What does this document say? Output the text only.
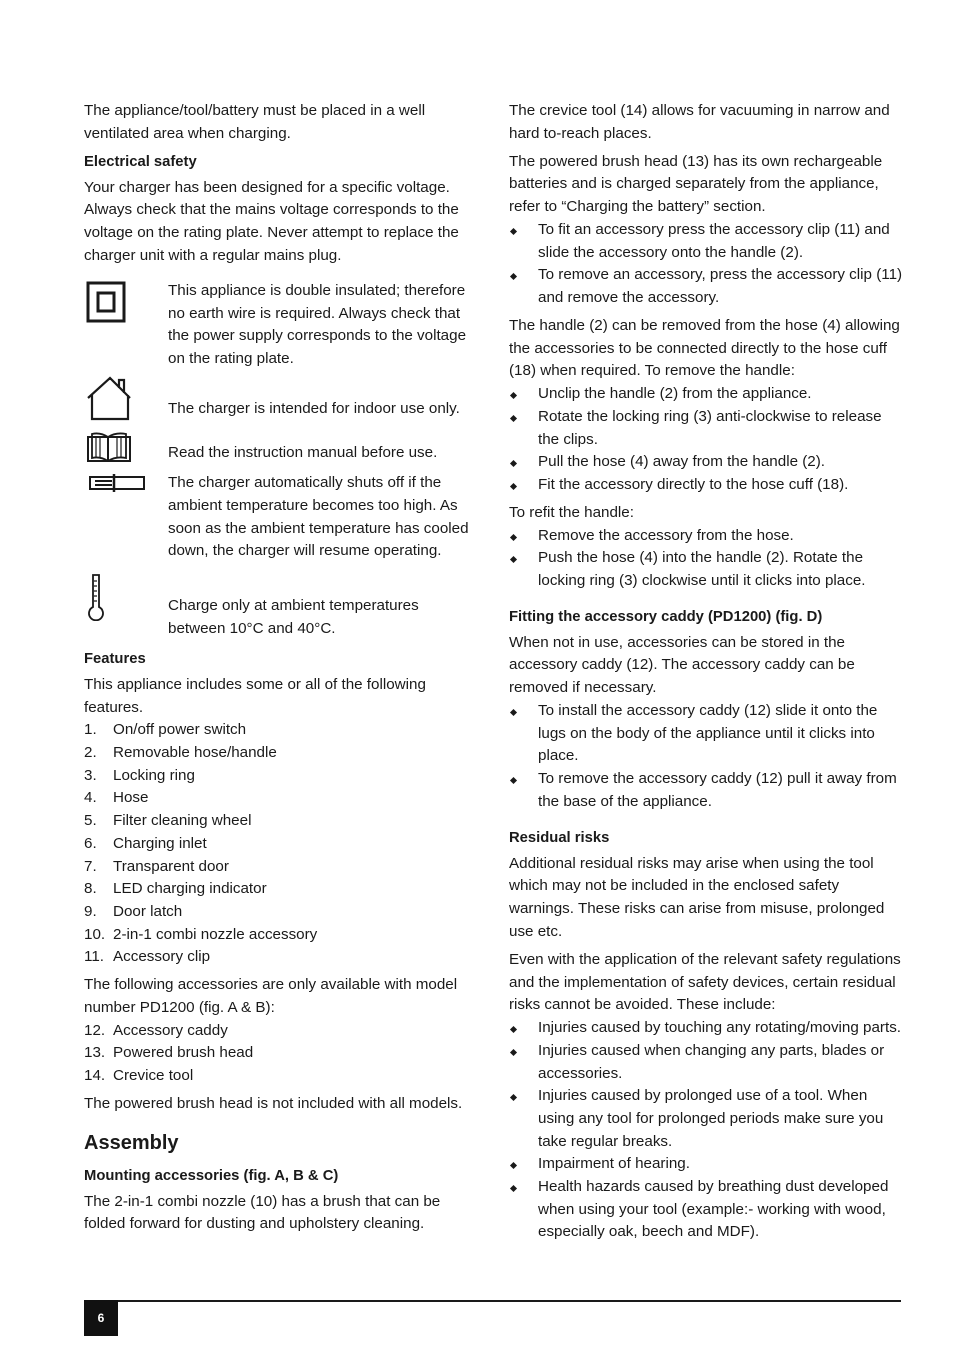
The appliance/tool/battery must be placed in a well ventilated area when charging.

Electrical safety

Your charger has been designed for a specific voltage. Always check that the mains voltage corresponds to the voltage on the rating plate. Never attempt to replace the charger unit with a regular mains plug.

This appliance is double insulated; therefore no earth wire is required. Always check that the power supply corresponds to the voltage on the rating plate.
The charger is intended for indoor use only.
Read the instruction manual before use.
The charger automatically shuts off if the ambient temperature becomes too high. As soon as the ambient temperature has cooled down, the charger will resume operating.
Charge only at ambient temperatures between 10°C and 40°C.
Features

This appliance includes some or all of the following features.

1. On/off power switch
2. Removable hose/handle
3. Locking ring
4. Hose
5. Filter cleaning wheel
6. Charging inlet
7. Transparent door
8. LED charging indicator
9. Door latch
10. 2-in-1 combi nozzle accessory
11. Accessory clip

The following accessories are only available with model number PD1200 (fig. A & B):

12. Accessory caddy
13. Powered brush head
14. Crevice tool

The powered brush head is not included with all models.

Assembly
Mounting accessories (fig. A, B & C)

The 2-in-1 combi nozzle (10) has a brush that can be folded forward for dusting and upholstery cleaning.

The crevice tool (14) allows for vacuuming in narrow and hard to-reach places.

The powered brush head (13) has its own rechargeable batteries and is charged separately from the appliance, refer to “Charging the battery” section.

To fit an accessory press the accessory clip (11) and slide the accessory onto the handle (2).
To remove an accessory, press the accessory clip (11) and remove the accessory.

The handle (2) can be removed from the hose (4) allowing the accessories to be connected directly to the hose cuff (18) when required. To remove the handle:

Unclip the handle (2) from the appliance.
Rotate the locking ring (3) anti-clockwise to release the clips.
Pull the hose (4) away from the handle (2).
Fit the accessory directly to the hose cuff (18).

To refit the handle:

Remove the accessory from the hose.
Push the hose (4) into the handle (2). Rotate the locking ring (3) clockwise until it clicks into place.
Fitting the accessory caddy (PD1200) (fig. D)

When not in use, accessories can be stored in the accessory caddy (12). The accessory caddy can be removed if necessary.

To install the accessory caddy (12) slide it onto the lugs on the body of the appliance until it clicks into place.
To remove the accessory caddy (12) pull it away from the base of the appliance.
Residual risks

Additional residual risks may arise when using the tool which may not be included in the enclosed safety warnings. These risks can arise from misuse, prolonged use etc.

Even with the application of the relevant safety regulations and the implementation of safety devices, certain residual risks cannot be avoided. These include:

Injuries caused by touching any rotating/moving parts.
Injuries caused when changing any parts, blades or accessories.
Injuries caused by prolonged use of a tool. When using any tool for prolonged periods make sure you take regular breaks.
Impairment of hearing.
Health hazards caused by breathing dust developed when using your tool (example:- working with wood, especially oak, beech and MDF).
6
